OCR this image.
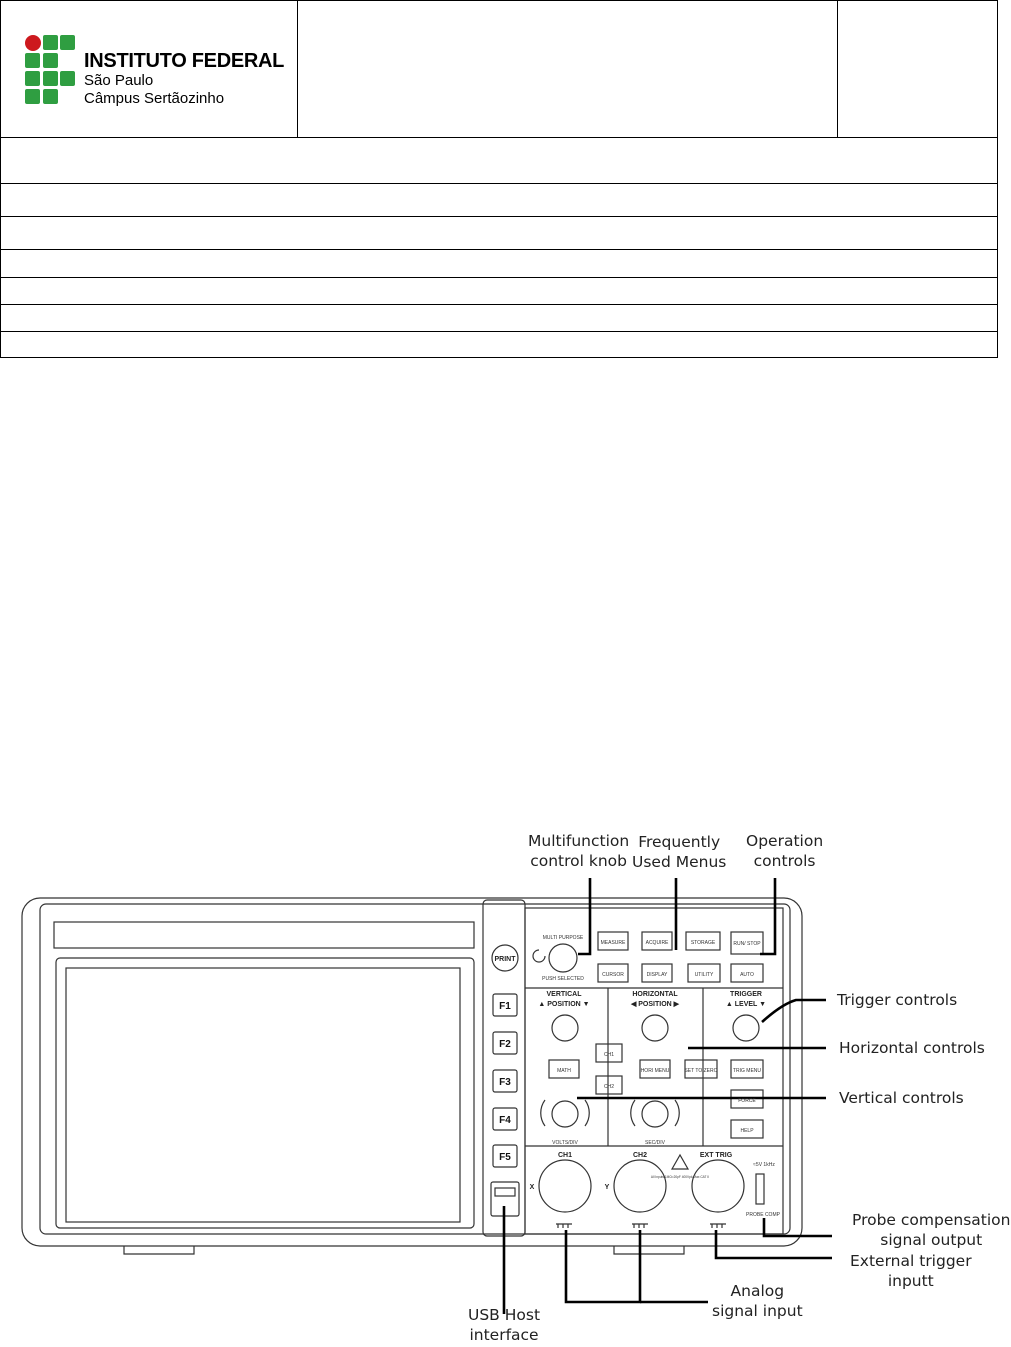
INSTITUTO FEDERAL
São Paulo
Câmpus Sertãozinho
PRINT
F1
F2
F3
F4
F5
MULTI PURPOSE
PUSH SELECTED
MEASURE	ACQUIRE	STORAGE	RUN/ STOP
CURSOR	DISPLAY	UTILITY	AUTO
VERTICAL	HORIZONTAL	TRIGGER
▲ POSITION ▼	◀ POSITION ▶	▲ LEVEL ▼
MATH
CH1
CH2
HORI MENU	SET TO ZERO	TRIG MENU
FORCE
HELP
VOLTS/DIV	SEC/DIV
CH1	CH2	EXT TRIG
X	Y
All Inputs 1MΩ=20pF 400Vpk Max CAT II
PROBE COMP
≈5V 1kHz
Multifunction
control knob
Frequently
Used Menus
Operation
controls
Trigger controls
Horizontal controls
Vertical controls
Probe compensation
signal output
External trigger
inputt
Analog
signal input
USB Host
interface
